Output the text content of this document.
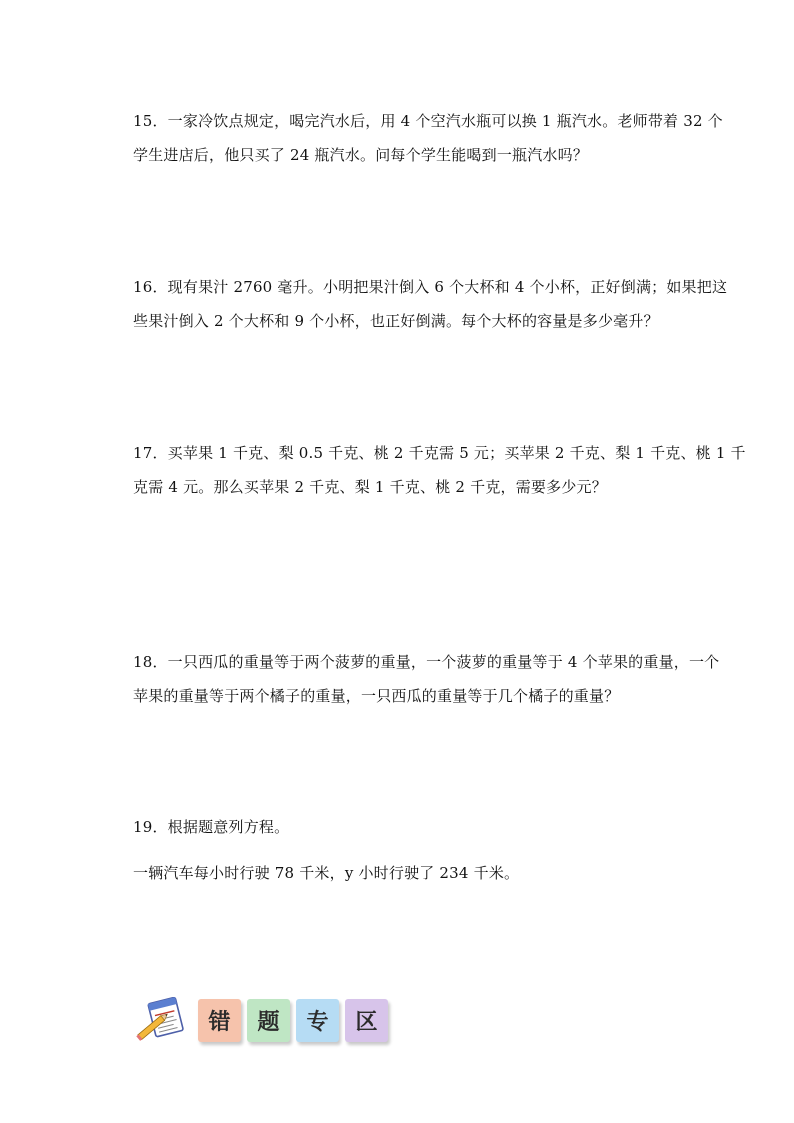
15．一家冷饮点规定，喝完汽水后，用 4 个空汽水瓶可以换 1 瓶汽水。老师带着 32 个
学生进店后，他只买了 24 瓶汽水。问每个学生能喝到一瓶汽水吗？
16．现有果汁 2760 毫升。小明把果汁倒入 6 个大杯和 4 个小杯，正好倒满；如果把这
些果汁倒入 2 个大杯和 9 个小杯，也正好倒满。每个大杯的容量是多少毫升？
17．买苹果 1 千克、梨 0.5 千克、桃 2 千克需 5 元；买苹果 2 千克、梨 1 千克、桃 1 千
克需 4 元。那么买苹果 2 千克、梨 1 千克、桃 2 千克，需要多少元？
18．一只西瓜的重量等于两个菠萝的重量，一个菠萝的重量等于 4 个苹果的重量，一个
苹果的重量等于两个橘子的重量，一只西瓜的重量等于几个橘子的重量？
19．根据题意列方程。
一辆汽车每小时行驶 78 千米，y 小时行驶了 234 千米。
错	题	专	区
